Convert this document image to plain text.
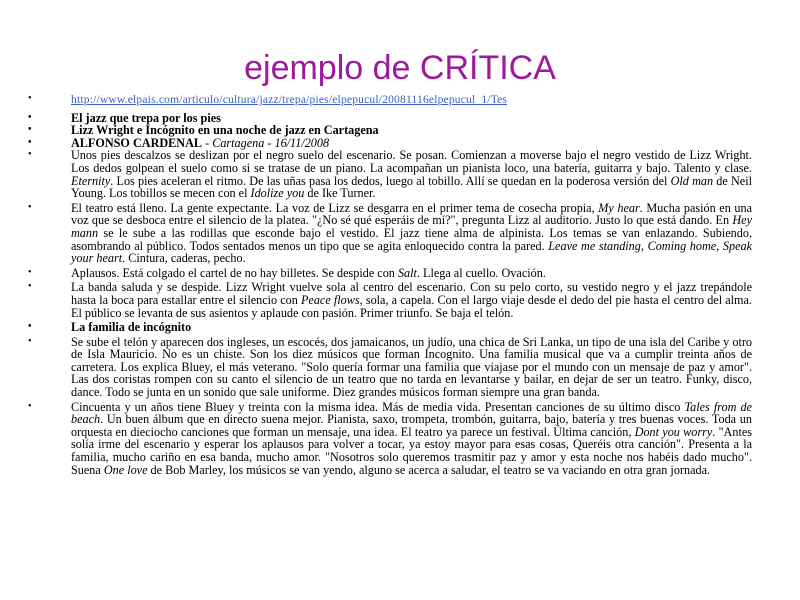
ejemplo de CRÍTICA
•	http://www.elpais.com/articulo/cultura/jazz/trepa/pies/elpepucul/20081116elpepucul_1/Tes
•	El jazz que trepa por los pies
•	Lizz Wright e Incógnito en una noche de jazz en Cartagena
•	ALFONSO CARDENAL - Cartagena - 16/11/2008
•	Unos pies descalzos se deslizan por el negro suelo del escenario. Se posan. Comienzan a moverse bajo el negro vestido de Lizz Wright. Los dedos golpean el suelo como si se tratase de un piano. La acompañan un pianista loco, una batería, guitarra y bajo. Talento y clase. Eternity. Los pies aceleran el ritmo. De las uñas pasa los dedos, luego al tobillo. Allí se quedan en la poderosa versión del Old man de Neil Young. Los tobillos se mecen con el Idolize you de Ike Turner.
•	El teatro está lleno. La gente expectante. La voz de Lizz se desgarra en el primer tema de cosecha propia, My hear. Mucha pasión en una voz que se desboca entre el silencio de la platea. "¿No sé qué esperáis de mí?", pregunta Lizz al auditorio. Justo lo que está dando. En Hey mann se le sube a las rodillas que esconde bajo el vestido. El jazz tiene alma de alpinista. Los temas se van enlazando. Subiendo, asombrando al público. Todos sentados menos un tipo que se agita enloquecido contra la pared. Leave me standing, Coming home, Speak your heart. Cintura, caderas, pecho.
•	Aplausos. Está colgado el cartel de no hay billetes. Se despide con Salt. Llega al cuello. Ovación.
•	La banda saluda y se despide. Lizz Wright vuelve sola al centro del escenario. Con su pelo corto, su vestido negro y el jazz trepándole hasta la boca para estallar entre el silencio con Peace flows, sola, a capela. Con el largo viaje desde el dedo del pie hasta el centro del alma. El público se levanta de sus asientos y aplaude con pasión. Primer triunfo. Se baja el telón.
•	La familia de incógnito
•	Se sube el telón y aparecen dos ingleses, un escocés, dos jamaicanos, un judío, una chica de Sri Lanka, un tipo de una isla del Caribe y otro de Isla Mauricio. No es un chiste. Son los diez músicos que forman Incognito. Una familia musical que va a cumplir treinta años de carretera. Los explica Bluey, el más veterano. "Solo quería formar una familia que viajase por el mundo con un mensaje de paz y amor". Las dos coristas rompen con su canto el silencio de un teatro que no tarda en levantarse y bailar, en dejar de ser un teatro. Funky, disco, dance. Todo se junta en un sonido que sale uniforme. Diez grandes músicos forman siempre una gran banda.
•	Cincuenta y un años tiene Bluey y treinta con la misma idea. Más de media vida. Presentan canciones de su último disco Tales from de beach. Un buen álbum que en directo suena mejor. Pianista, saxo, trompeta, trombón, guitarra, bajo, batería y tres buenas voces. Toda un orquesta en dieciocho canciones que forman un mensaje, una idea. El teatro ya parece un festival. Última canción, Dont you worry. "Antes solía irme del escenario y esperar los aplausos para volver a tocar, ya estoy mayor para esas cosas, Queréis otra canción". Presenta a la familia, mucho cariño en esa banda, mucho amor. "Nosotros solo queremos trasmitir paz y amor y esta noche nos habéis dado mucho". Suena One love de Bob Marley, los músicos se van yendo, alguno se acerca a saludar, el teatro se va vaciando en otra gran jornada.
